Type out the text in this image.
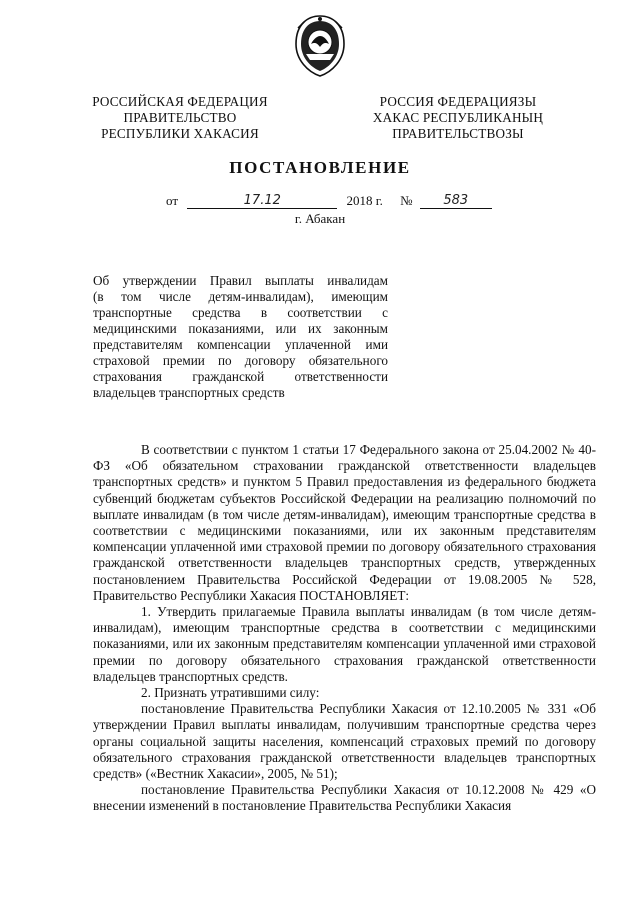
РОССИЙСКАЯ ФЕДЕРАЦИЯ
ПРАВИТЕЛЬСТВО
РЕСПУБЛИКИ ХАКАСИЯ
РОССИЯ ФЕДЕРАЦИЯЗЫ
ХАКАС РЕСПУБЛИКАНЫҢ
ПРАВИТЕЛЬСТВОЗЫ
ПОСТАНОВЛЕНИЕ
от	17.12	2018 г. № 583
г. Абакан
Об утверждении Правил выплаты инвалидам
(в том числе детям-инвалидам), имеющим
транспортные средства в соответствии с
медицинскими показаниями, или их законным
представителям компенсации уплаченной ими
страховой премии по договору обязательного
страхования гражданской ответственности
владельцев транспортных средств

В соответствии с пунктом 1 статьи 17 Федерального закона от 25.04.2002 № 40-ФЗ «Об обязательном страховании гражданской ответственности владельцев транспортных средств» и пунктом 5 Правил предоставления из федерального бюджета субвенций бюджетам субъектов Российской Федерации на реализацию полномочий по выплате инвалидам (в том числе детям-инвалидам), имеющим транспортные средства в соответствии с медицинскими показаниями, или их законным представителям компенсации уплаченной ими страховой премии по договору обязательного страхования гражданской ответственности владельцев транспортных средств, утвержденных постановлением Правительства Российской Федерации от 19.08.2005 № 528, Правительство Республики Хакасия ПОСТАНОВЛЯЕТ:

1. Утвердить прилагаемые Правила выплаты инвалидам (в том числе детям-инвалидам), имеющим транспортные средства в соответствии с медицинскими показаниями, или их законным представителям компенсации уплаченной ими страховой премии по договору обязательного страхования гражданской ответственности владельцев транспортных средств.

2. Признать утратившими силу:

постановление Правительства Республики Хакасия от 12.10.2005 № 331 «Об утверждении Правил выплаты инвалидам, получившим транспортные средства через органы социальной защиты населения, компенсаций страховых премий по договору обязательного страхования гражданской ответственности владельцев транспортных средств» («Вестник Хакасии», 2005, № 51);

постановление Правительства Республики Хакасия от 10.12.2008 № 429 «О внесении изменений в постановление Правительства Республики Хакасия
